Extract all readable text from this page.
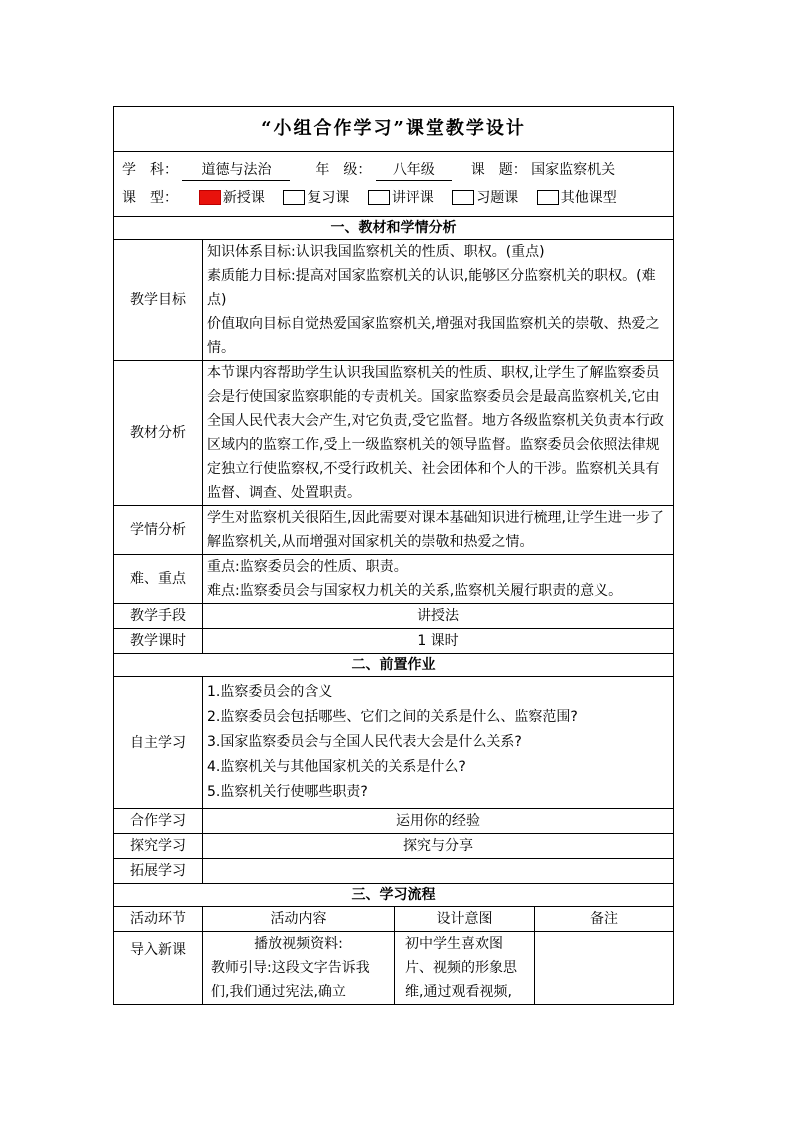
“小组合作学习”课堂教学设计			

学　科： 道德与法治 年　级： 八年级 课　题： 国家监察机关
课　型： 新授课 复习课 讲评课 习题课 其他课型			

一、教材和学情分析			
教学目标	知识体系目标:认识我国监察机关的性质、职权。(重点)
素质能力目标:提高对国家监察机关的认识,能够区分监察机关的职权。(难点)
价值取向目标自觉热爱国家监察机关,增强对我国监察机关的崇敬、热爱之情。		

教材分析	本节课内容帮助学生认识我国监察机关的性质、职权,让学生了解监察委员会是行使国家监察职能的专责机关。国家监察委员会是最高监察机关,它由全国人民代表大会产生,对它负责,受它监督。地方各级监察机关负责本行政区域内的监察工作,受上一级监察机关的领导监督。监察委员会依照法律规定独立行使监察权,不受行政机关、社会团体和个人的干涉。监察机关具有监督、调查、处置职责。		
学情分析	学生对监察机关很陌生,因此需要对课本基础知识进行梳理,让学生进一步了解监察机关,从而增强对国家机关的崇敬和热爱之情。		
难、重点	重点:监察委员会的性质、职责。
难点:监察委员会与国家权力机关的关系,监察机关履行职责的意义。		

教学手段	讲授法		
教学课时	1 课时		
二、前置作业			
自主学习	1.监察委员会的含义
2.监察委员会包括哪些、它们之间的关系是什么、监察范围?
3.国家监察委员会与全国人民代表大会是什么关系?
4.监察机关与其他国家机关的关系是什么?
5.监察机关行使哪些职责?		

合作学习	运用你的经验		
探究学习	探究与分享		
拓展学习			
三、学习流程			
活动环节	活动内容	设计意图	备注
导入新课	播放视频资料:
教师引导:这段文字告诉我们,我们通过宪法,确立	初中学生喜欢图片、视频的形象思维,通过观看视频,	
